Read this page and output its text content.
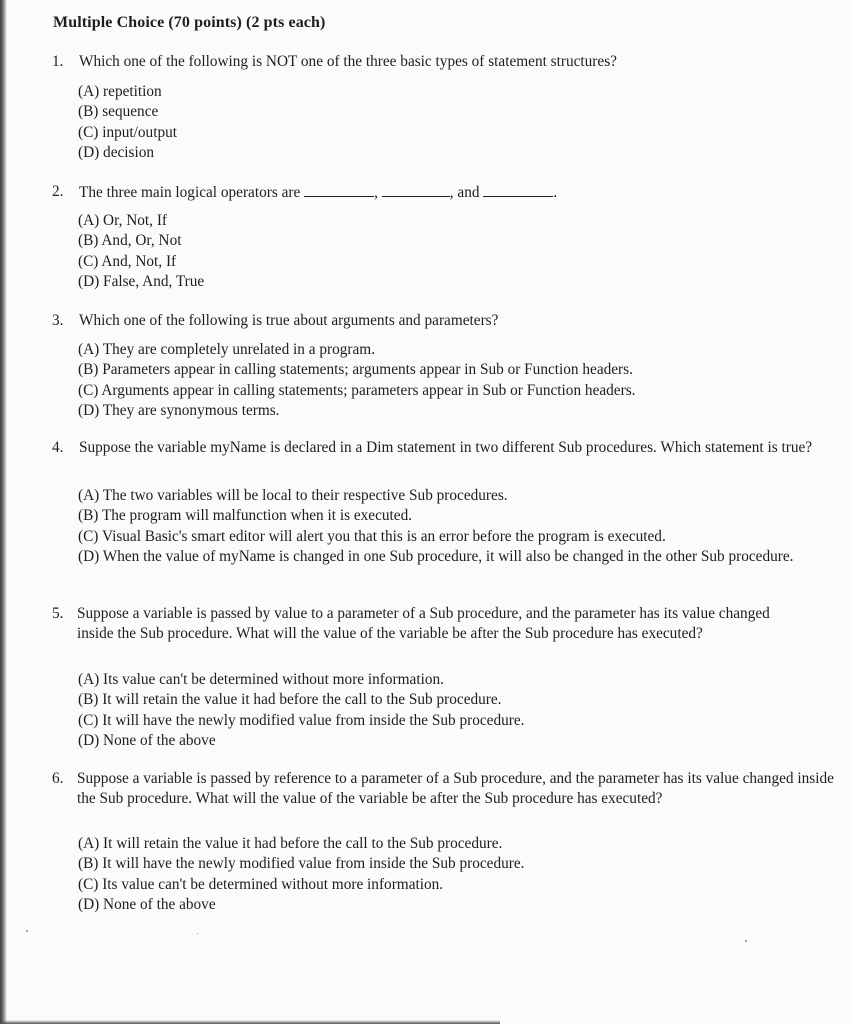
Multiple Choice (70 points) (2 pts each)
1. Which one of the following is NOT one of the three basic types of statement structures?
(A) repetition
(B) sequence
(C) input/output
(D) decision
2. The three main logical operators are	,	, and	.
(A) Or, Not, If
(B) And, Or, Not
(C) And, Not, If
(D) False, And, True
3. Which one of the following is true about arguments and parameters?
(A) They are completely unrelated in a program.
(B) Parameters appear in calling statements; arguments appear in Sub or Function headers.
(C) Arguments appear in calling statements; parameters appear in Sub or Function headers.
(D) They are synonymous terms.
4. Suppose the variable myName is declared in a Dim statement in two different Sub procedures. Which statement is true?
(A) The two variables will be local to their respective Sub procedures.
(B) The program will malfunction when it is executed.
(C) Visual Basic's smart editor will alert you that this is an error before the program is executed.
(D) When the value of myName is changed in one Sub procedure, it will also be changed in the other Sub procedure.
5. Suppose a variable is passed by value to a parameter of a Sub procedure, and the parameter has its value changed inside the Sub procedure. What will the value of the variable be after the Sub procedure has executed?
(A) Its value can't be determined without more information.
(B) It will retain the value it had before the call to the Sub procedure.
(C) It will have the newly modified value from inside the Sub procedure.
(D) None of the above
6. Suppose a variable is passed by reference to a parameter of a Sub procedure, and the parameter has its value changed inside the Sub procedure. What will the value of the variable be after the Sub procedure has executed?
(A) It will retain the value it had before the call to the Sub procedure.
(B) It will have the newly modified value from inside the Sub procedure.
(C) Its value can't be determined without more information.
(D) None of the above
